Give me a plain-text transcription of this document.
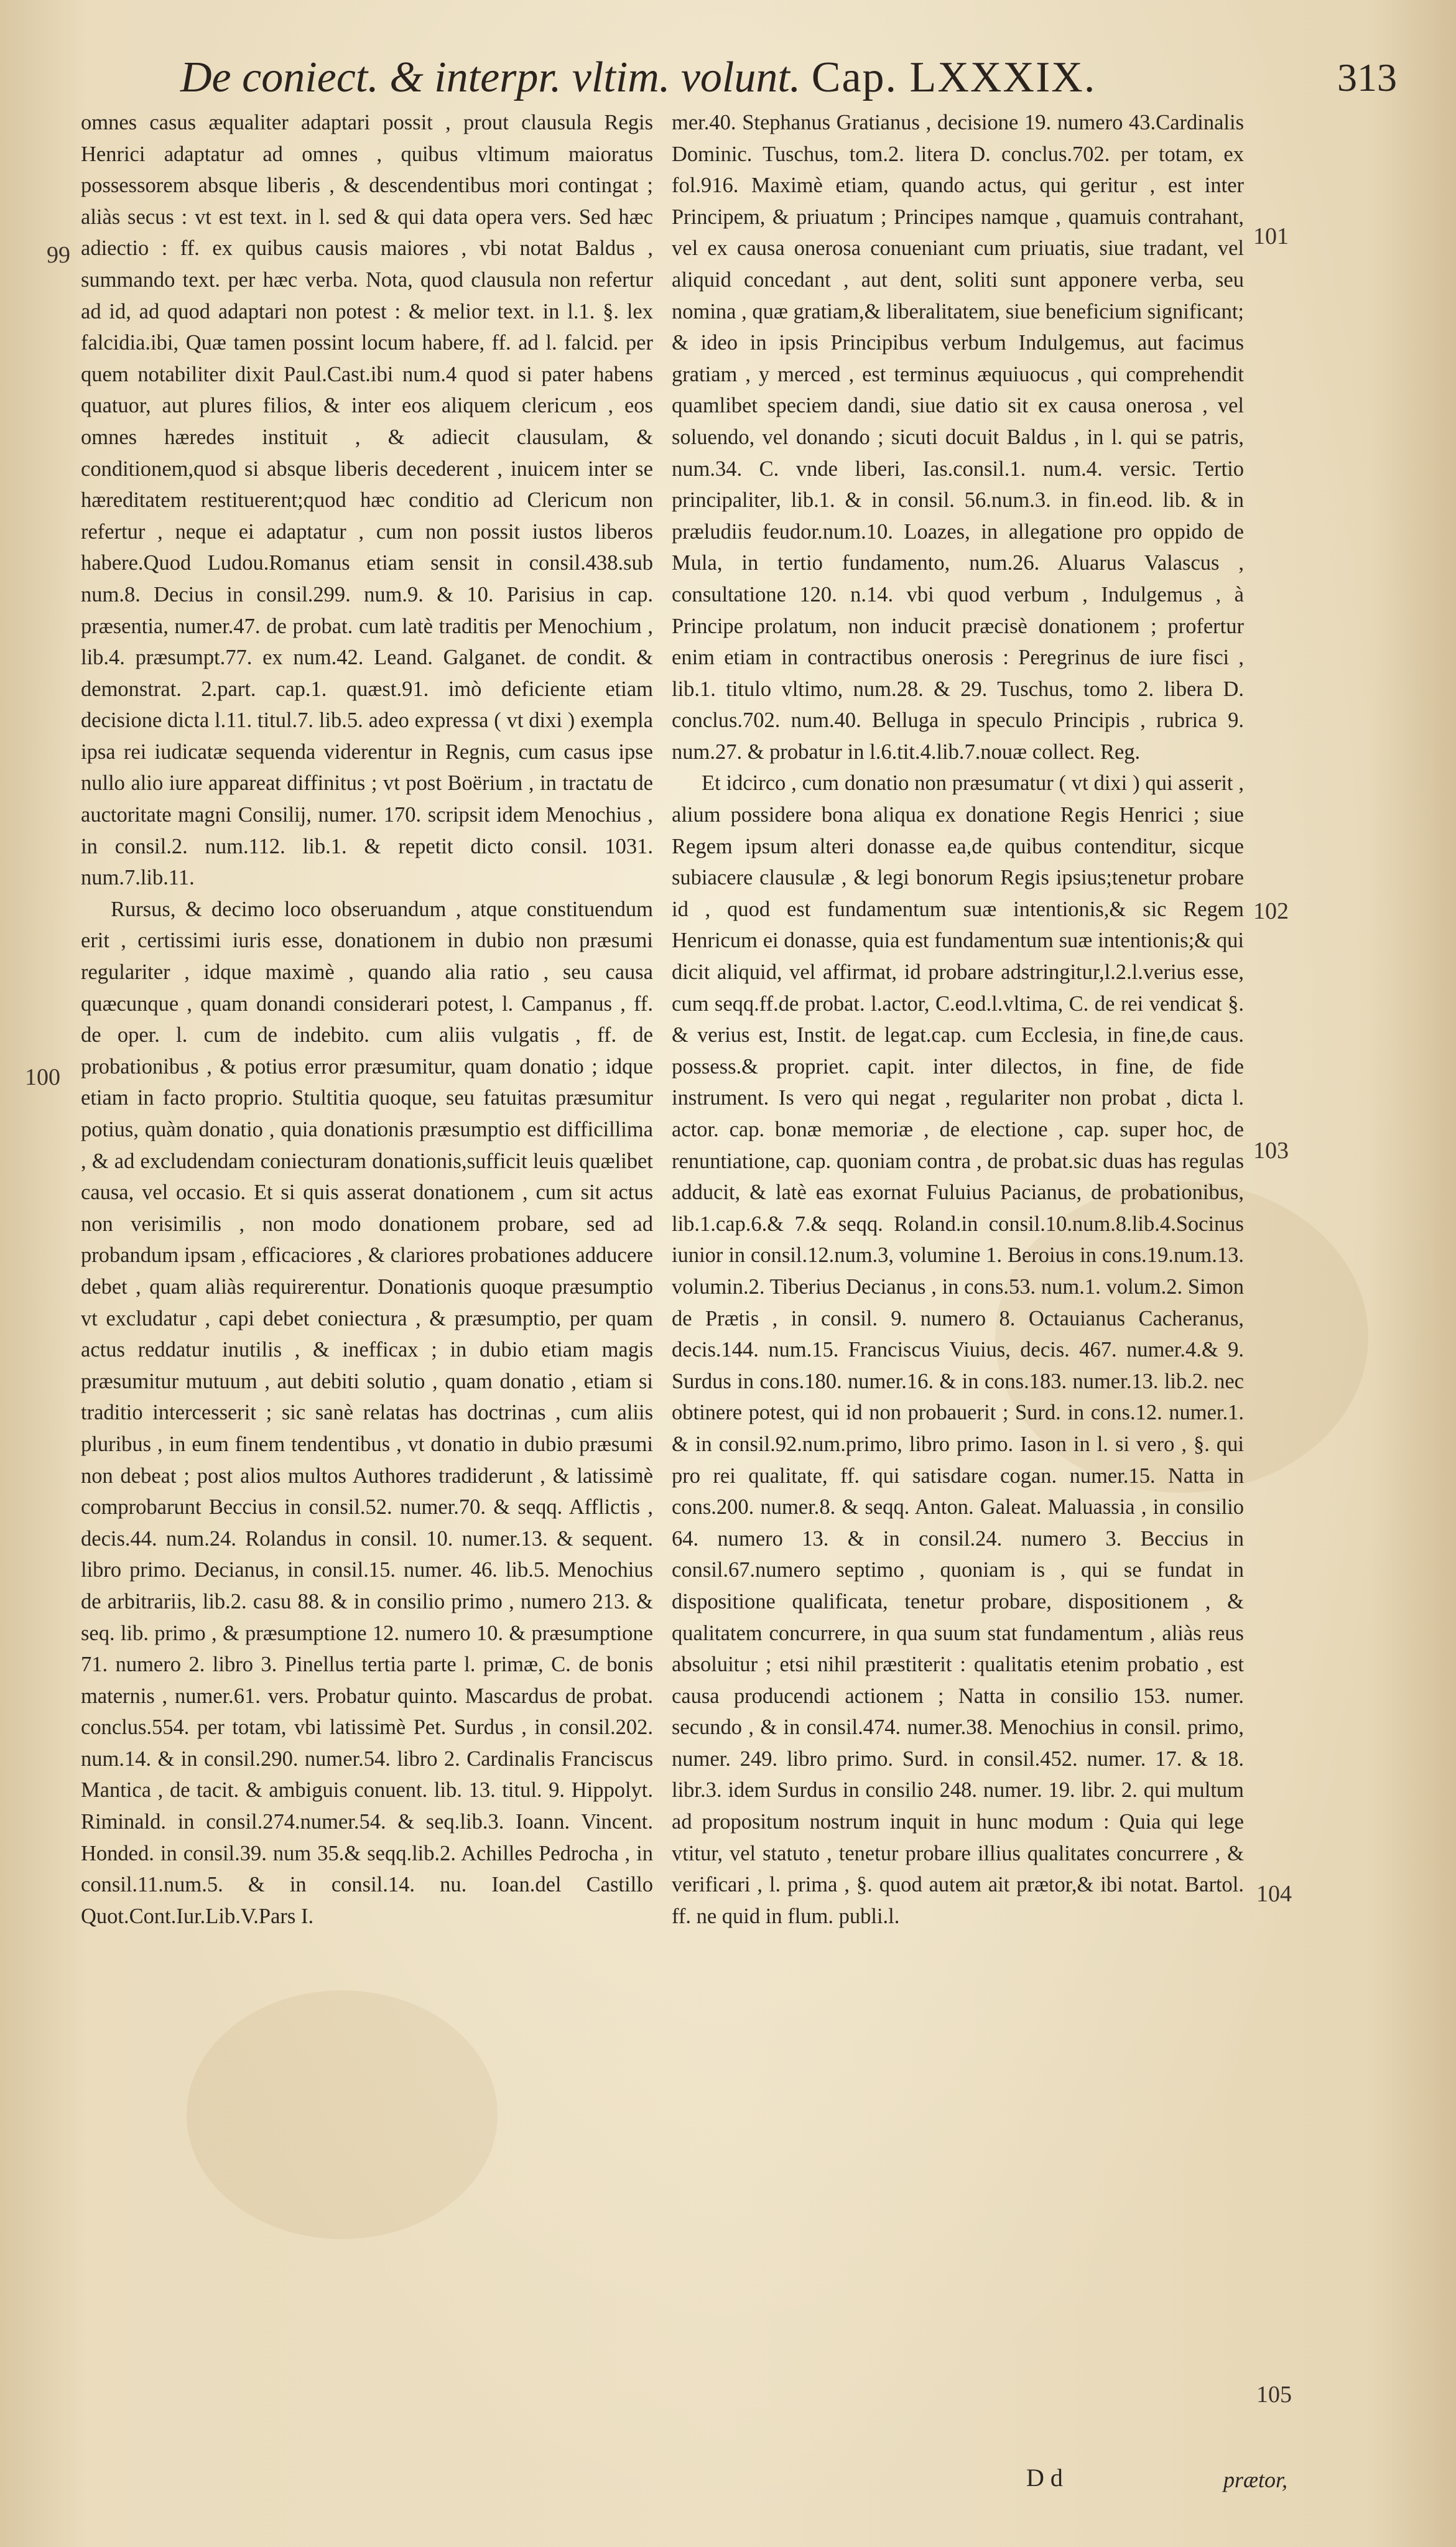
De coniect. & interpr. vltim. volunt. Cap. LXXXIX.	313

omnes casus æqualiter adaptari possit , prout clausula Regis Henrici adaptatur ad omnes , quibus vltimum maioratus possessorem absque liberis , & descendentibus mori contingat ; aliàs secus : vt est text. in l. sed & qui data opera vers. Sed hæc adiectio : ff. ex quibus causis maiores , vbi notat Baldus , summando text. per hæc verba. Nota, quod clausula non refertur ad id, ad quod adaptari non potest : & melior text. in l.1. §. lex falcidia.ibi, Quæ tamen possint locum habere, ff. ad l. falcid. per quem notabiliter dixit Paul.Cast.ibi num.4 quod si pater habens quatuor, aut plures filios, & inter eos aliquem clericum , eos omnes hæredes instituit , & adiecit clausulam, & conditionem,quod si absque liberis decederent , inuicem inter se hæreditatem restituerent;quod hæc conditio ad Clericum non refertur , neque ei adaptatur , cum non possit iustos liberos habere.Quod Ludou.Romanus etiam sensit in consil.438.sub num.8. Decius in consil.299. num.9. & 10. Parisius in cap. præsentia, numer.47. de probat. cum latè traditis per Menochium , lib.4. præsumpt.77. ex num.42. Leand. Galganet. de condit. & demonstrat. 2.part. cap.1. quæst.91. imò deficiente etiam decisione dicta l.11. titul.7. lib.5. adeo expressa ( vt dixi ) exempla ipsa rei iudicatæ sequenda viderentur in Regnis, cum casus ipse nullo alio iure appareat diffinitus ; vt post Boërium , in tractatu de auctoritate magni Consilij, numer. 170. scripsit idem Menochius , in consil.2. num.112. lib.1. & repetit dicto consil. 1031. num.7.lib.11.

Rursus, & decimo loco obseruandum , atque constituendum erit , certissimi iuris esse, donationem in dubio non præsumi regulariter , idque maximè , quando alia ratio , seu causa quæcunque , quam donandi considerari potest, l. Campanus , ff. de oper. l. cum de indebito. cum aliis vulgatis , ff. de probationibus , & potius error præsumitur, quam donatio ; idque etiam in facto proprio. Stultitia quoque, seu fatuitas præsumitur potius, quàm donatio , quia donationis præsumptio est difficillima , & ad excludendam coniecturam donationis,sufficit leuis quælibet causa, vel occasio. Et si quis asserat donationem , cum sit actus non verisimilis , non modo donationem probare, sed ad probandum ipsam , efficaciores , & clariores probationes adducere debet , quam aliàs requirerentur. Donationis quoque præsumptio vt excludatur , capi debet coniectura , & præsumptio, per quam actus reddatur inutilis , & inefficax ; in dubio etiam magis præsumitur mutuum , aut debiti solutio , quam donatio , etiam si traditio intercesserit ; sic sanè relatas has doctrinas , cum aliis pluribus , in eum finem tendentibus , vt donatio in dubio præsumi non debeat ; post alios multos Authores tradiderunt , & latissimè comprobarunt Beccius in consil.52. numer.70. & seqq. Afflictis , decis.44. num.24. Rolandus in consil. 10. numer.13. & sequent. libro primo. Decianus, in consil.15. numer. 46. lib.5. Menochius de arbitrariis, lib.2. casu 88. & in consilio primo , numero 213. & seq. lib. primo , & præsumptione 12. numero 10. & præsumptione 71. numero 2. libro 3. Pinellus tertia parte l. primæ, C. de bonis maternis , numer.61. vers. Probatur quinto. Mascardus de probat. conclus.554. per totam, vbi latissimè Pet. Surdus , in consil.202. num.14. & in consil.290. numer.54. libro 2. Cardinalis Franciscus Mantica , de tacit. & ambiguis conuent. lib. 13. titul. 9. Hippolyt. Riminald. in consil.274.numer.54. & seq.lib.3. Ioann. Vincent. Honded. in consil.39. num 35.& seqq.lib.2. Achilles Pedrocha , in consil.11.num.5. & in consil.14. nu. Ioan.del Castillo Quot.Cont.Iur.Lib.V.Pars I.

mer.40. Stephanus Gratianus , decisione 19. numero 43.Cardinalis Dominic. Tuschus, tom.2. litera D. conclus.702. per totam, ex fol.916. Maximè etiam, quando actus, qui geritur , est inter Principem, & priuatum ; Principes namque , quamuis contrahant, vel ex causa onerosa conueniant cum priuatis, siue tradant, vel aliquid concedant , aut dent, soliti sunt apponere verba, seu nomina , quæ gratiam,& liberalitatem, siue beneficium significant; & ideo in ipsis Principibus verbum Indulgemus, aut facimus gratiam , y merced , est terminus æquiuocus , qui comprehendit quamlibet speciem dandi, siue datio sit ex causa onerosa , vel soluendo, vel donando ; sicuti docuit Baldus , in l. qui se patris, num.34. C. vnde liberi, Ias.consil.1. num.4. versic. Tertio principaliter, lib.1. & in consil. 56.num.3. in fin.eod. lib. & in præludiis feudor.num.10. Loazes, in allegatione pro oppido de Mula, in tertio fundamento, num.26. Aluarus Valascus , consultatione 120. n.14. vbi quod verbum , Indulgemus , à Principe prolatum, non inducit præcisè donationem ; profertur enim etiam in contractibus onerosis : Peregrinus de iure fisci , lib.1. titulo vltimo, num.28. & 29. Tuschus, tomo 2. libera D. conclus.702. num.40. Belluga in speculo Principis , rubrica 9. num.27. & probatur in l.6.tit.4.lib.7.nouæ collect. Reg.

Et idcirco , cum donatio non præsumatur ( vt dixi ) qui asserit , alium possidere bona aliqua ex donatione Regis Henrici ; siue Regem ipsum alteri donasse ea,de quibus contenditur, sicque subiacere clausulæ , & legi bonorum Regis ipsius;tenetur probare id , quod est fundamentum suæ intentionis,& sic Regem Henricum ei donasse, quia est fundamentum suæ intentionis;& qui dicit aliquid, vel affirmat, id probare adstringitur,l.2.l.verius esse, cum seqq.ff.de probat. l.actor, C.eod.l.vltima, C. de rei vendicat §. & verius est, Instit. de legat.cap. cum Ecclesia, in fine,de caus. possess.& propriet. capit. inter dilectos, in fine, de fide instrument. Is vero qui negat , regulariter non probat , dicta l. actor. cap. bonæ memoriæ , de electione , cap. super hoc, de renuntiatione, cap. quoniam contra , de probat.sic duas has regulas adducit, & latè eas exornat Fuluius Pacianus, de probationibus, lib.1.cap.6.& 7.& seqq. Roland.in consil.10.num.8.lib.4.Socinus iunior in consil.12.num.3, volumine 1. Beroius in cons.19.num.13. volumin.2. Tiberius Decianus , in cons.53. num.1. volum.2. Simon de Prætis , in consil. 9. numero 8. Octauianus Cacheranus, decis.144. num.15. Franciscus Viuius, decis. 467. numer.4.& 9. Surdus in cons.180. numer.16. & in cons.183. numer.13. lib.2. nec obtinere potest, qui id non probauerit ; Surd. in cons.12. numer.1. & in consil.92.num.primo, libro primo. Iason in l. si vero , §. qui pro rei qualitate, ff. qui satisdare cogan. numer.15. Natta in cons.200. numer.8. & seqq. Anton. Galeat. Maluassia , in consilio 64. numero 13. & in consil.24. numero 3. Beccius in consil.67.numero septimo , quoniam is , qui se fundat in dispositione qualificata, tenetur probare, dispositionem , & qualitatem concurrere, in qua suum stat fundamentum , aliàs reus absoluitur ; etsi nihil præstiterit : qualitatis etenim probatio , est causa producendi actionem ; Natta in consilio 153. numer. secundo , & in consil.474. numer.38. Menochius in consil. primo, numer. 249. libro primo. Surd. in consil.452. numer. 17. & 18. libr.3. idem Surdus in consilio 248. numer. 19. libr. 2. qui multum ad propositum nostrum inquit in hunc modum : Quia qui lege vtitur, vel statuto , tenetur probare illius qualitates concurrere , & verificari , l. prima , §. quod autem ait prætor,& ibi notat. Bartol. ff. ne quid in flum. publi.l.

99
100
101
102
103
104
105
D d	prætor,
